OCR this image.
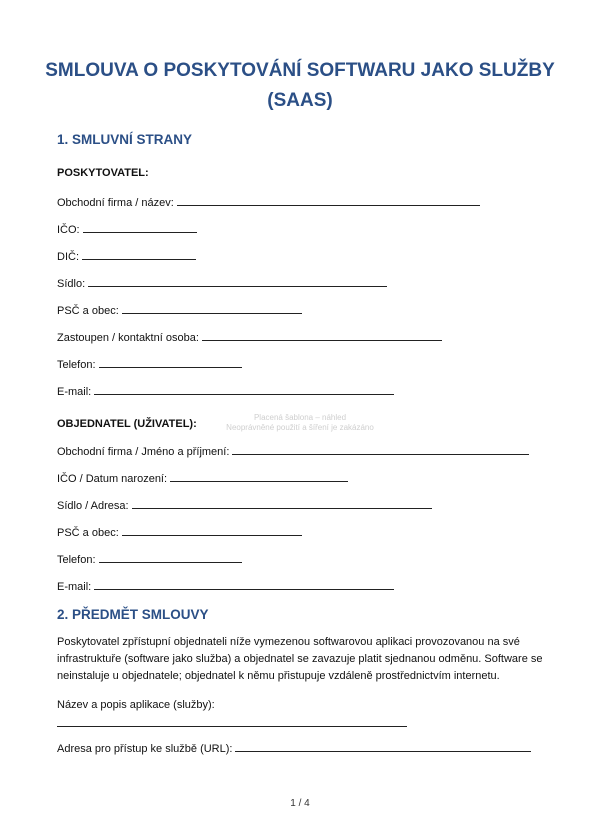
SMLOUVA O POSKYTOVÁNÍ SOFTWARU JAKO SLUŽBY (SAAS)
1. SMLUVNÍ STRANY
POSKYTOVATEL:
Obchodní firma / název:
IČO:
DIČ:
Sídlo:
PSČ a obec:
Zastoupen / kontaktní osoba:
Telefon:
E-mail:
Placená šablona – náhled
Neoprávněné použití a šíření je zakázáno
OBJEDNATEL (UŽIVATEL):
Obchodní firma / Jméno a příjmení:
IČO / Datum narození:
Sídlo / Adresa:
PSČ a obec:
Telefon:
E-mail:
2. PŘEDMĚT SMLOUVY
Poskytovatel zpřístupní objednateli níže vymezenou softwarovou aplikaci provozovanou na své infrastruktuře (software jako služba) a objednatel se zavazuje platit sjednanou odměnu. Software se neinstaluje u objednatele; objednatel k němu přistupuje vzdáleně prostřednictvím internetu.
Název a popis aplikace (služby):
Adresa pro přístup ke službě (URL):
1 / 4
